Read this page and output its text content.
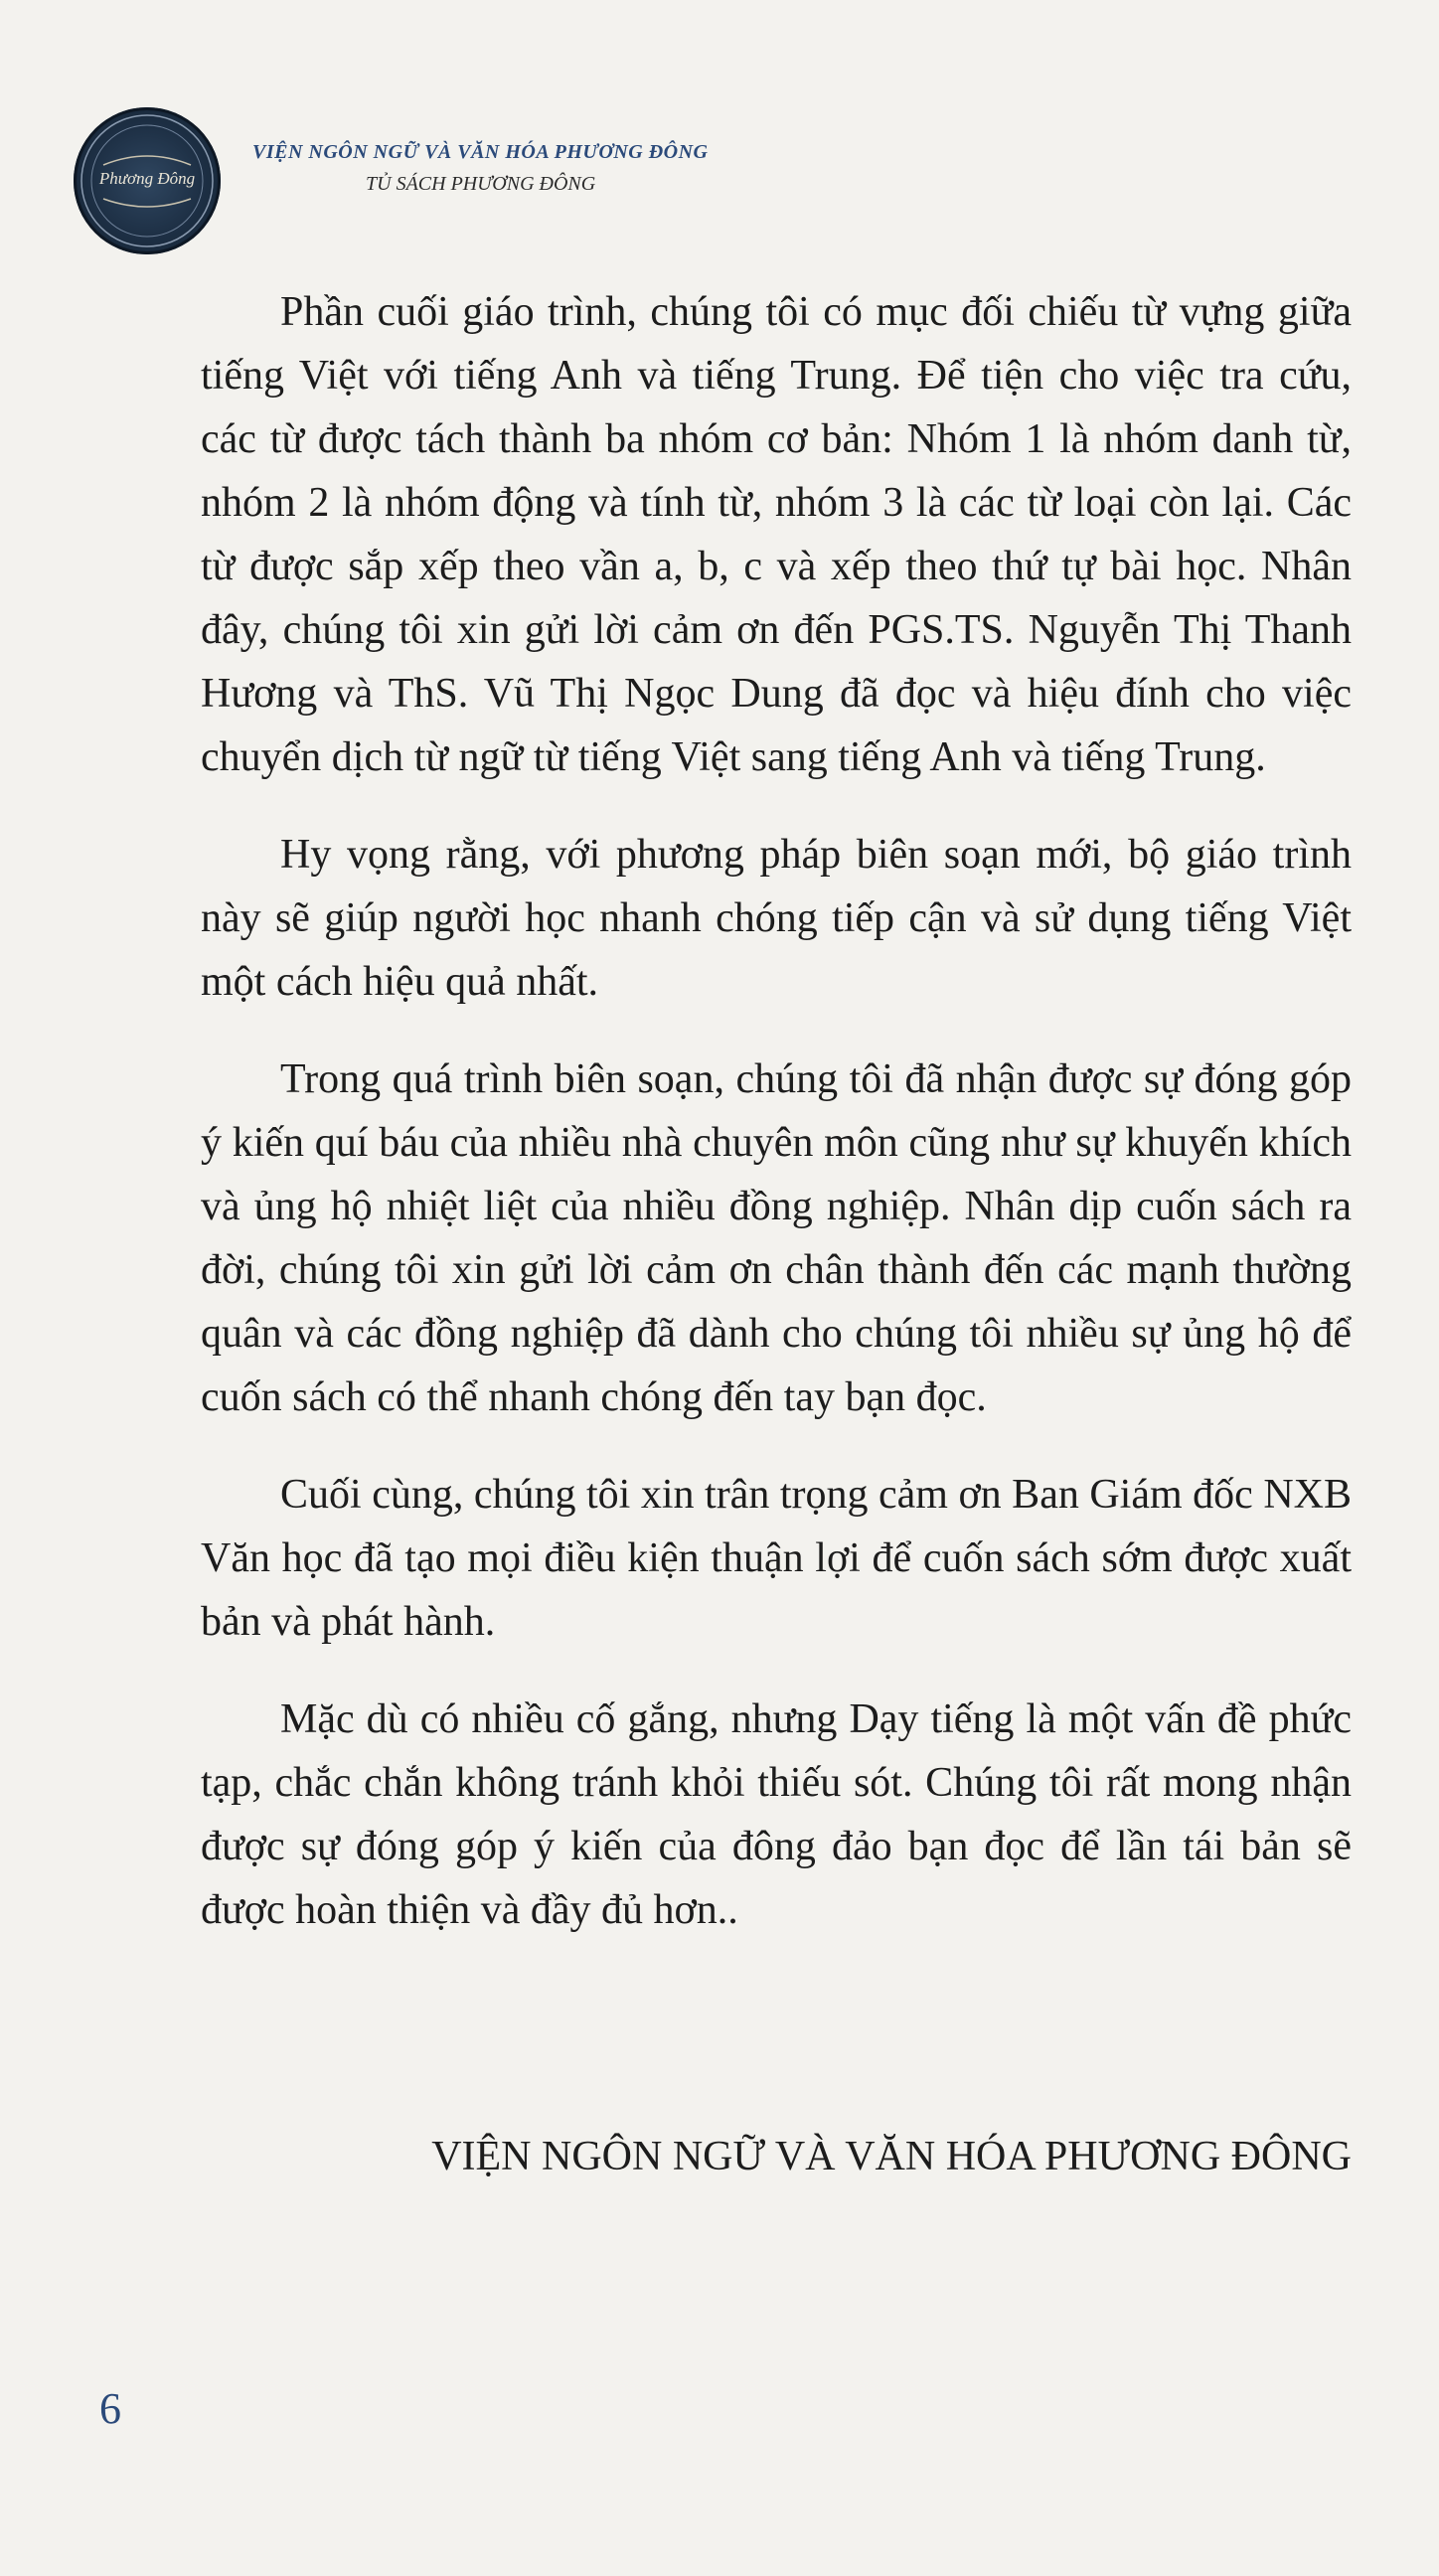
Phương Đông
VIỆN NGÔN NGỮ VÀ VĂN HÓA PHƯƠNG ĐÔNG
TỦ SÁCH PHƯƠNG ĐÔNG

Phần cuối giáo trình, chúng tôi có mục đối chiếu từ vựng giữa tiếng Việt với tiếng Anh và tiếng Trung. Để tiện cho việc tra cứu, các từ được tách thành ba nhóm cơ bản: Nhóm 1 là nhóm danh từ, nhóm 2 là nhóm động và tính từ, nhóm 3 là các từ loại còn lại. Các từ được sắp xếp theo vần a, b, c và xếp theo thứ tự bài học. Nhân đây, chúng tôi xin gửi lời cảm ơn đến PGS.TS. Nguyễn Thị Thanh Hương và ThS. Vũ Thị Ngọc Dung đã đọc và hiệu đính cho việc chuyển dịch từ ngữ từ tiếng Việt sang tiếng Anh và tiếng Trung.

Hy vọng rằng, với phương pháp biên soạn mới, bộ giáo trình này sẽ giúp người học nhanh chóng tiếp cận và sử dụng tiếng Việt một cách hiệu quả nhất.

Trong quá trình biên soạn, chúng tôi đã nhận được sự đóng góp ý kiến quí báu của nhiều nhà chuyên môn cũng như sự khuyến khích và ủng hộ nhiệt liệt của nhiều đồng nghiệp. Nhân dịp cuốn sách ra đời, chúng tôi xin gửi lời cảm ơn chân thành đến các mạnh thường quân và các đồng nghiệp đã dành cho chúng tôi nhiều sự ủng hộ để cuốn sách có thể nhanh chóng đến tay bạn đọc.

Cuối cùng, chúng tôi xin trân trọng cảm ơn Ban Giám đốc NXB Văn học đã tạo mọi điều kiện thuận lợi để cuốn sách sớm được xuất bản và phát hành.

Mặc dù có nhiều cố gắng, nhưng Dạy tiếng là một vấn đề phức tạp, chắc chắn không tránh khỏi thiếu sót. Chúng tôi rất mong nhận được sự đóng góp ý kiến của đông đảo bạn đọc để lần tái bản sẽ được hoàn thiện và đầy đủ hơn..

VIỆN NGÔN NGỮ VÀ VĂN HÓA PHƯƠNG ĐÔNG
6
